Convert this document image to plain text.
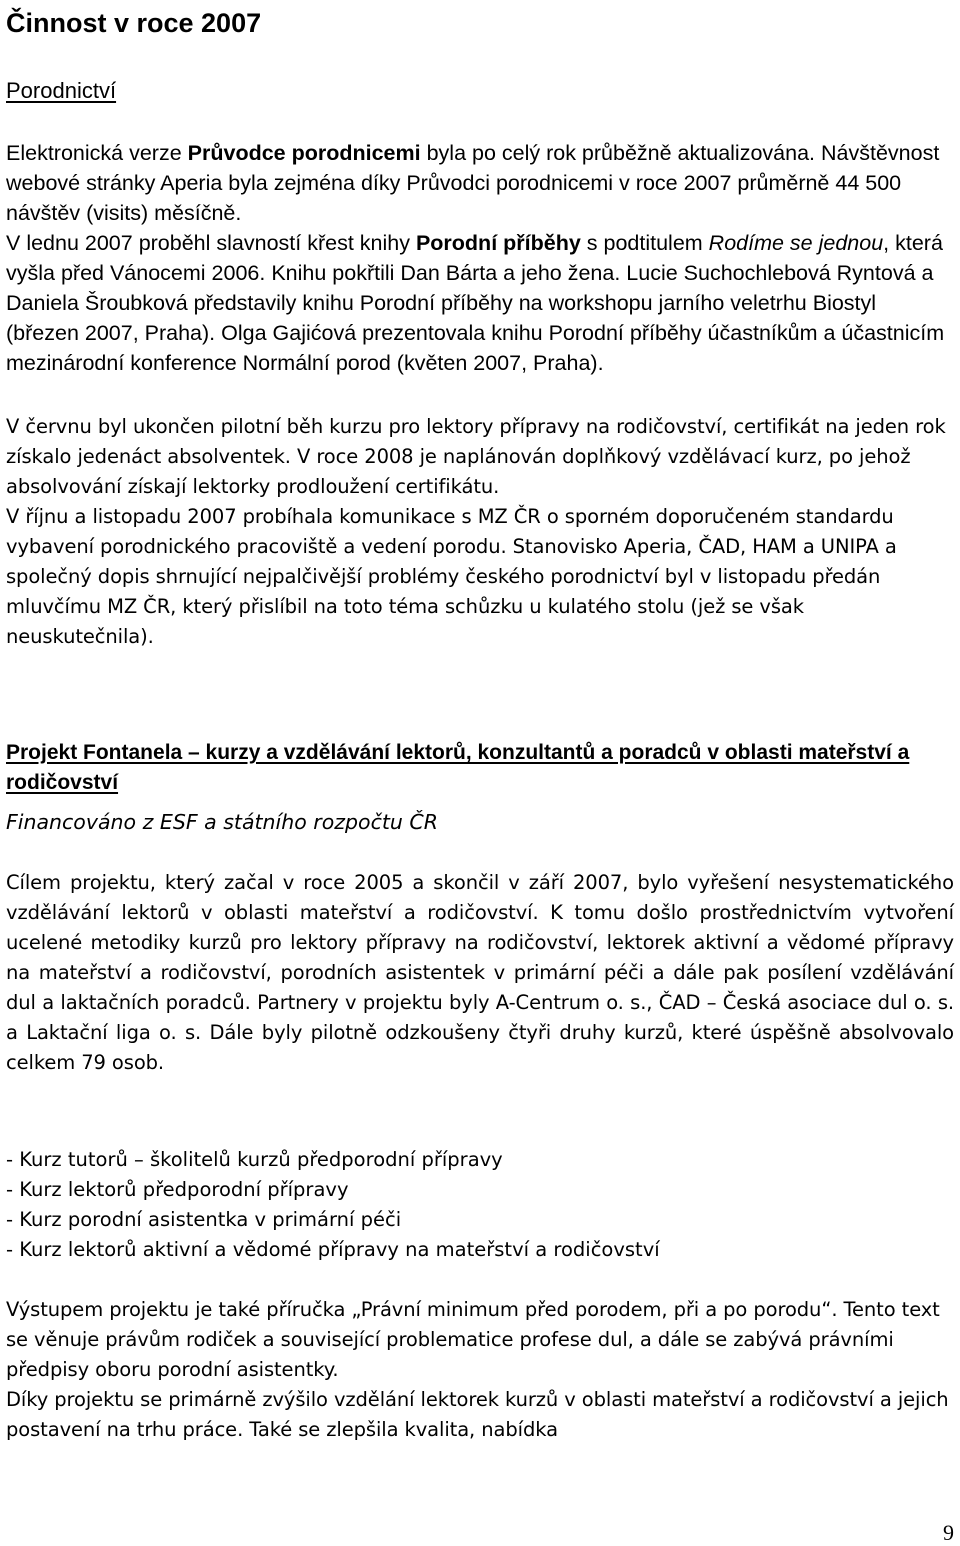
Činnost v roce 2007
Porodnictví

Elektronická verze Průvodce porodnicemi byla po celý rok průběžně aktualizována. Návštěvnost webové stránky Aperia byla zejména díky Průvodci porodnicemi v roce 2007 průměrně 44 500 návštěv (visits) měsíčně.
V lednu 2007 proběhl slavností křest knihy Porodní příběhy s podtitulem Rodíme se jednou, která vyšla před Vánocemi 2006. Knihu pokřtili Dan Bárta a jeho žena. Lucie Suchochlebová Ryntová a Daniela Šroubková představily knihu Porodní příběhy na workshopu jarního veletrhu Biostyl (březen 2007, Praha). Olga Gajićová prezentovala knihu Porodní příběhy účastníkům a účastnicím mezinárodní konference Normální porod (květen 2007, Praha).

V červnu byl ukončen pilotní běh kurzu pro lektory přípravy na rodičovství, certifikát na jeden rok získalo jedenáct absolventek. V roce 2008 je naplánován doplňkový vzdělávací kurz, po jehož absolvování získají lektorky prodloužení certifikátu.

V říjnu a listopadu 2007 probíhala komunikace s MZ ČR o sporném doporučeném standardu vybavení porodnického pracoviště a vedení porodu. Stanovisko Aperia, ČAD, HAM a UNIPA a společný dopis shrnující nejpalčivější problémy českého porodnictví byl v listopadu předán mluvčímu MZ ČR, který přislíbil na toto téma schůzku u kulatého stolu (jež se však neuskutečnila).

Projekt Fontanela – kurzy a vzdělávání lektorů, konzultantů a poradců v oblasti mateřství a rodičovství

Financováno z ESF a státního rozpočtu ČR

Cílem projektu, který začal v roce 2005 a skončil v září 2007, bylo vyřešení nesystematického vzdělávání lektorů v oblasti mateřství a rodičovství. K tomu došlo prostřednictvím vytvoření ucelené metodiky kurzů pro lektory přípravy na rodičovství, lektorek aktivní a vědomé přípravy na mateřství a rodičovství, porodních asistentek v primární péči a dále pak posílení vzdělávání dul a laktačních poradců. Partnery v projektu byly A-Centrum o. s., ČAD – Česká asociace dul o. s. a Laktační liga o. s. Dále byly pilotně odzkoušeny čtyři druhy kurzů, které úspěšně absolvovalo celkem 79 osob.

- Kurz tutorů – školitelů kurzů předporodní přípravy
- Kurz lektorů předporodní přípravy
- Kurz porodní asistentka v primární péči
- Kurz lektorů aktivní a vědomé přípravy na mateřství a rodičovství

Výstupem projektu je také příručka „Právní minimum před porodem, při a po porodu“. Tento text se věnuje právům rodiček a související problematice profese dul, a dále se zabývá právními předpisy oboru porodní asistentky.

Díky projektu se primárně zvýšilo vzdělání lektorek kurzů v oblasti mateřství a rodičovství a jejich postavení na trhu práce. Také se zlepšila kvalita, nabídka

9
